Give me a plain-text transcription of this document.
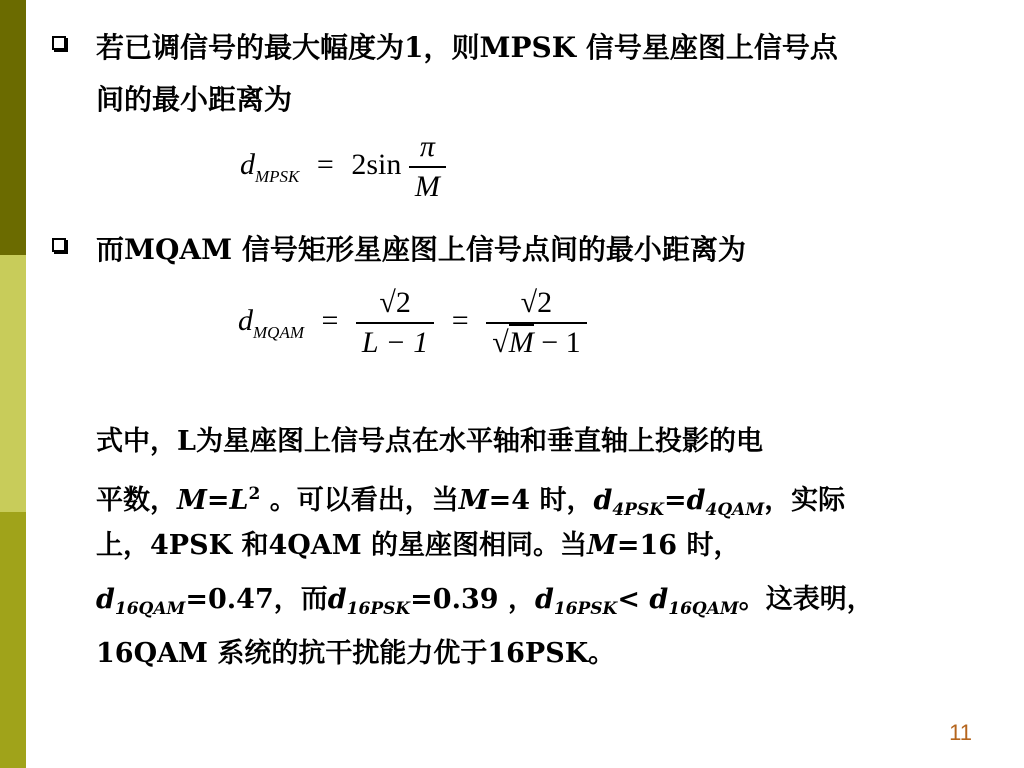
若已调信号的最大幅度为1，则MPSK 信号星座图上信号点
间的最小距离为
$d_{MPSK} = 2\sin \frac{\pi}{M}$
而MQAM 信号矩形星座图上信号点间的最小距离为
$d_{MQAM} = \frac{√2}{L - 1} = \frac{√2}{√M - 1}$
式中，L为星座图上信号点在水平轴和垂直轴上投影的电
平数，$M=L^2$ 。可以看出，当M=4 时，$d_{4PSK}=d_{4QAM}$，实际
上，4PSK 和4QAM 的星座图相同。当M=16 时，
$d_{16QAM}=0.47$，而$d_{16PSK}=0.39$ ，$d_{16PSK}< d_{16QAM}$。这表明，
16QAM 系统的抗干扰能力优于16PSK。
11
